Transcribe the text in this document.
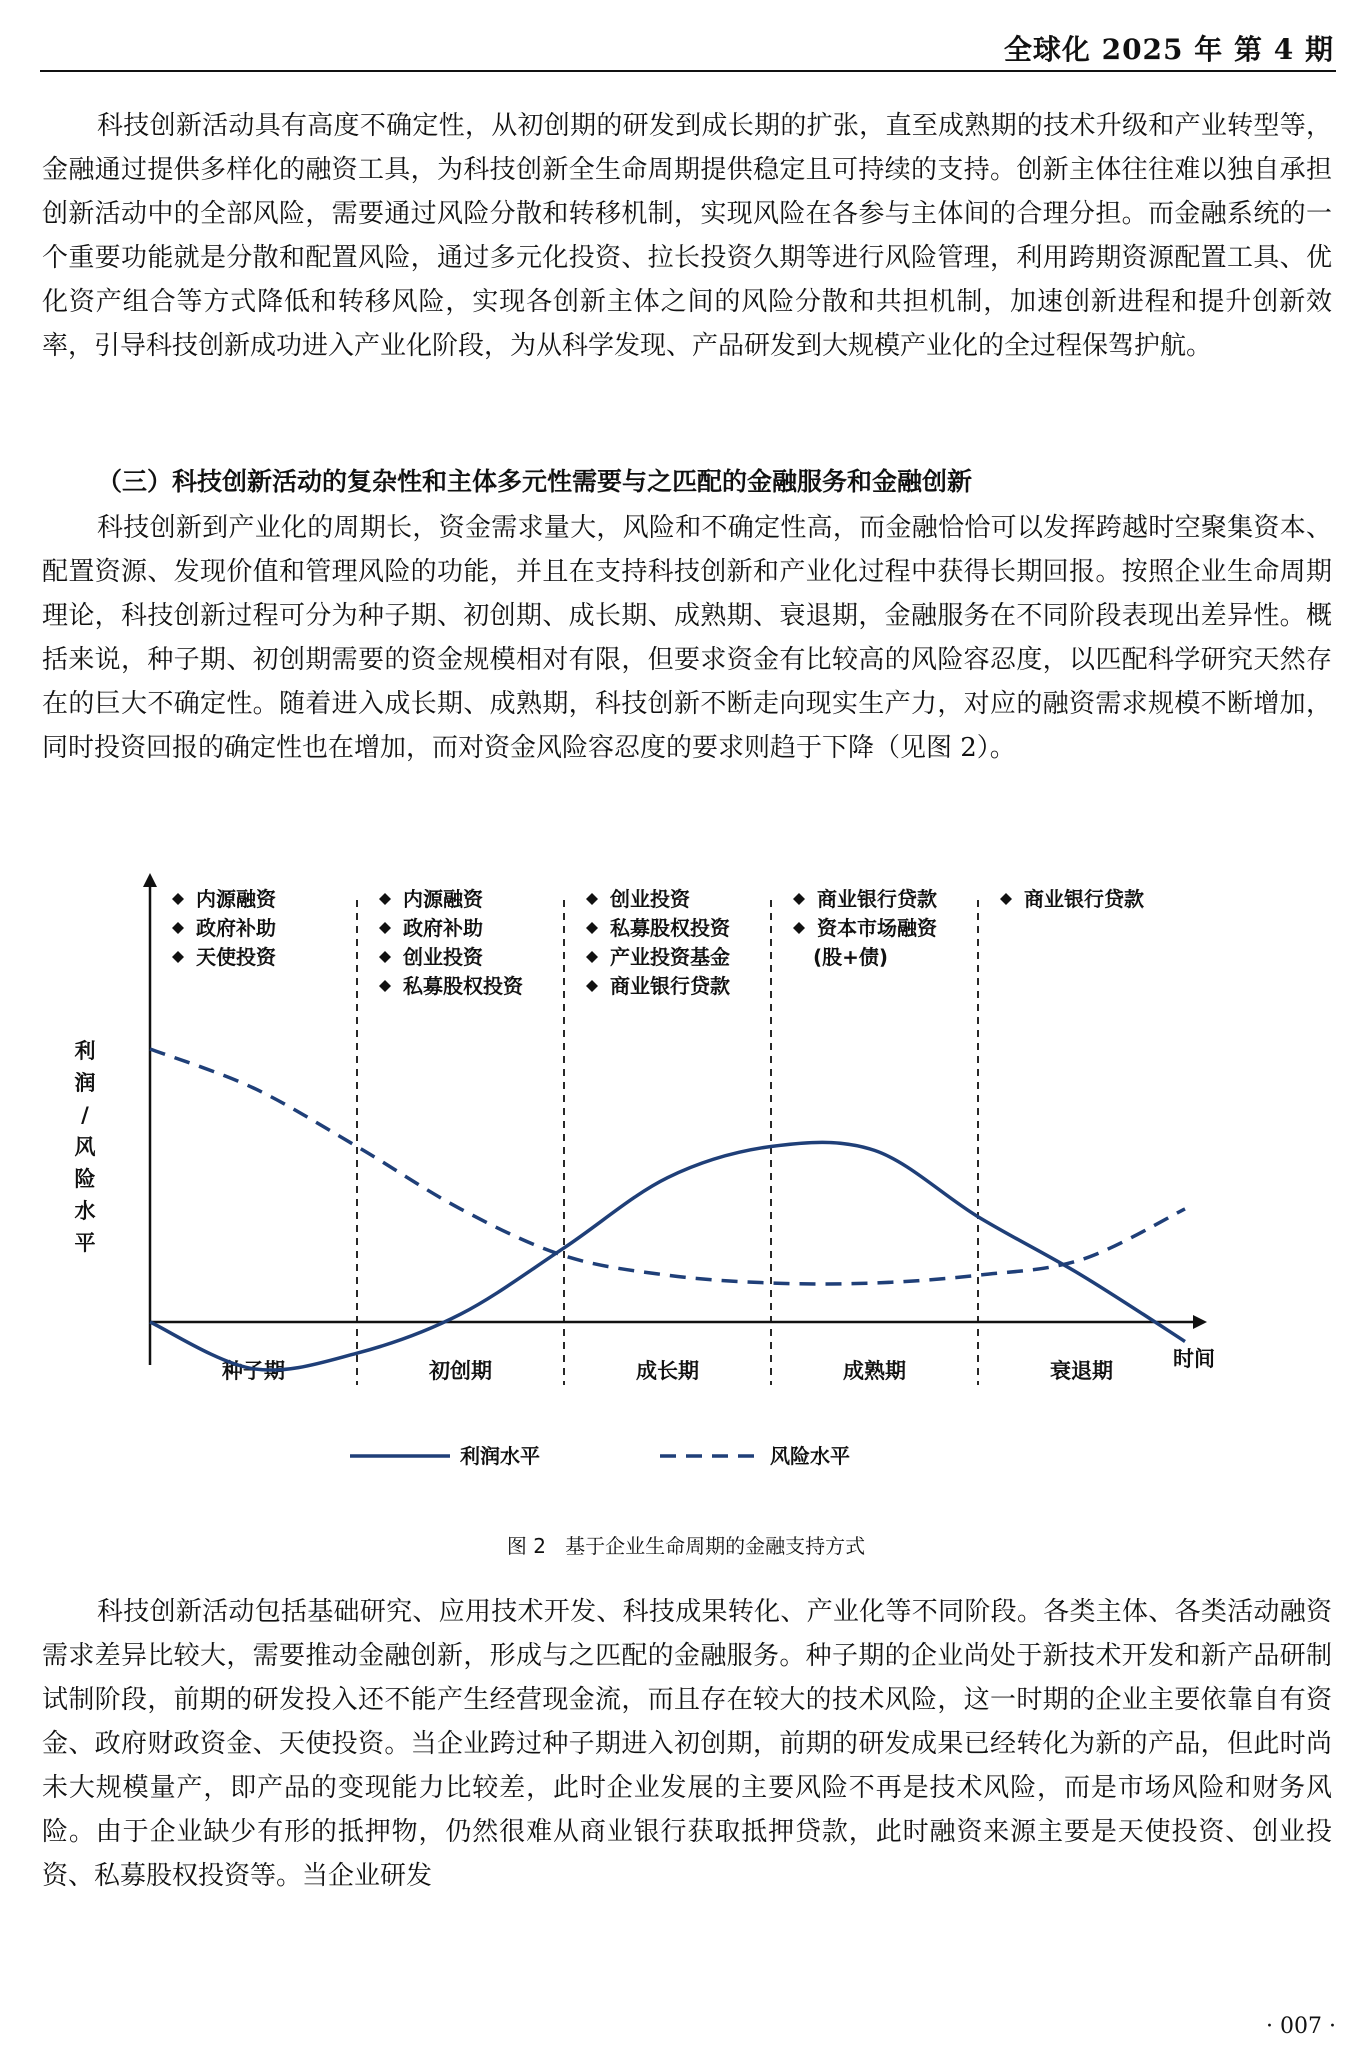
全球化 2025 年 第 4 期

科技创新活动具有高度不确定性，从初创期的研发到成长期的扩张，直至成熟期的技术升级和产业转型等，金融通过提供多样化的融资工具，为科技创新全生命周期提供稳定且可持续的支持。创新主体往往难以独自承担创新活动中的全部风险，需要通过风险分散和转移机制，实现风险在各参与主体间的合理分担。而金融系统的一个重要功能就是分散和配置风险，通过多元化投资、拉长投资久期等进行风险管理，利用跨期资源配置工具、优化资产组合等方式降低和转移风险，实现各创新主体之间的风险分散和共担机制，加速创新进程和提升创新效率，引导科技创新成功进入产业化阶段，为从科学发现、产品研发到大规模产业化的全过程保驾护航。

（三）科技创新活动的复杂性和主体多元性需要与之匹配的金融服务和金融创新

科技创新到产业化的周期长，资金需求量大，风险和不确定性高，而金融恰恰可以发挥跨越时空聚集资本、配置资源、发现价值和管理风险的功能，并且在支持科技创新和产业化过程中获得长期回报。按照企业生命周期理论，科技创新过程可分为种子期、初创期、成长期、成熟期、衰退期，金融服务在不同阶段表现出差异性。概括来说，种子期、初创期需要的资金规模相对有限，但要求资金有比较高的风险容忍度，以匹配科学研究天然存在的巨大不确定性。随着进入成长期、成熟期，科技创新不断走向现实生产力，对应的融资需求规模不断增加，同时投资回报的确定性也在增加，而对资金风险容忍度的要求则趋于下降（见图 2）。

利
润
/
风
险
水
平
时间
种子期	初创期	成长期	成熟期	衰退期
内源融资
政府补助
天使投资
内源融资
政府补助
创业投资
私募股权投资
创业投资
私募股权投资
产业投资基金
商业银行贷款
商业银行贷款
资本市场融资
(股+债)
商业银行贷款
利润水平	风险水平
图 2   基于企业生命周期的金融支持方式

科技创新活动包括基础研究、应用技术开发、科技成果转化、产业化等不同阶段。各类主体、各类活动融资需求差异比较大，需要推动金融创新，形成与之匹配的金融服务。种子期的企业尚处于新技术开发和新产品研制试制阶段，前期的研发投入还不能产生经营现金流，而且存在较大的技术风险，这一时期的企业主要依靠自有资金、政府财政资金、天使投资。当企业跨过种子期进入初创期，前期的研发成果已经转化为新的产品，但此时尚未大规模量产，即产品的变现能力比较差，此时企业发展的主要风险不再是技术风险，而是市场风险和财务风险。由于企业缺少有形的抵押物，仍然很难从商业银行获取抵押贷款，此时融资来源主要是天使投资、创业投资、私募股权投资等。当企业研发

· 007 ·
